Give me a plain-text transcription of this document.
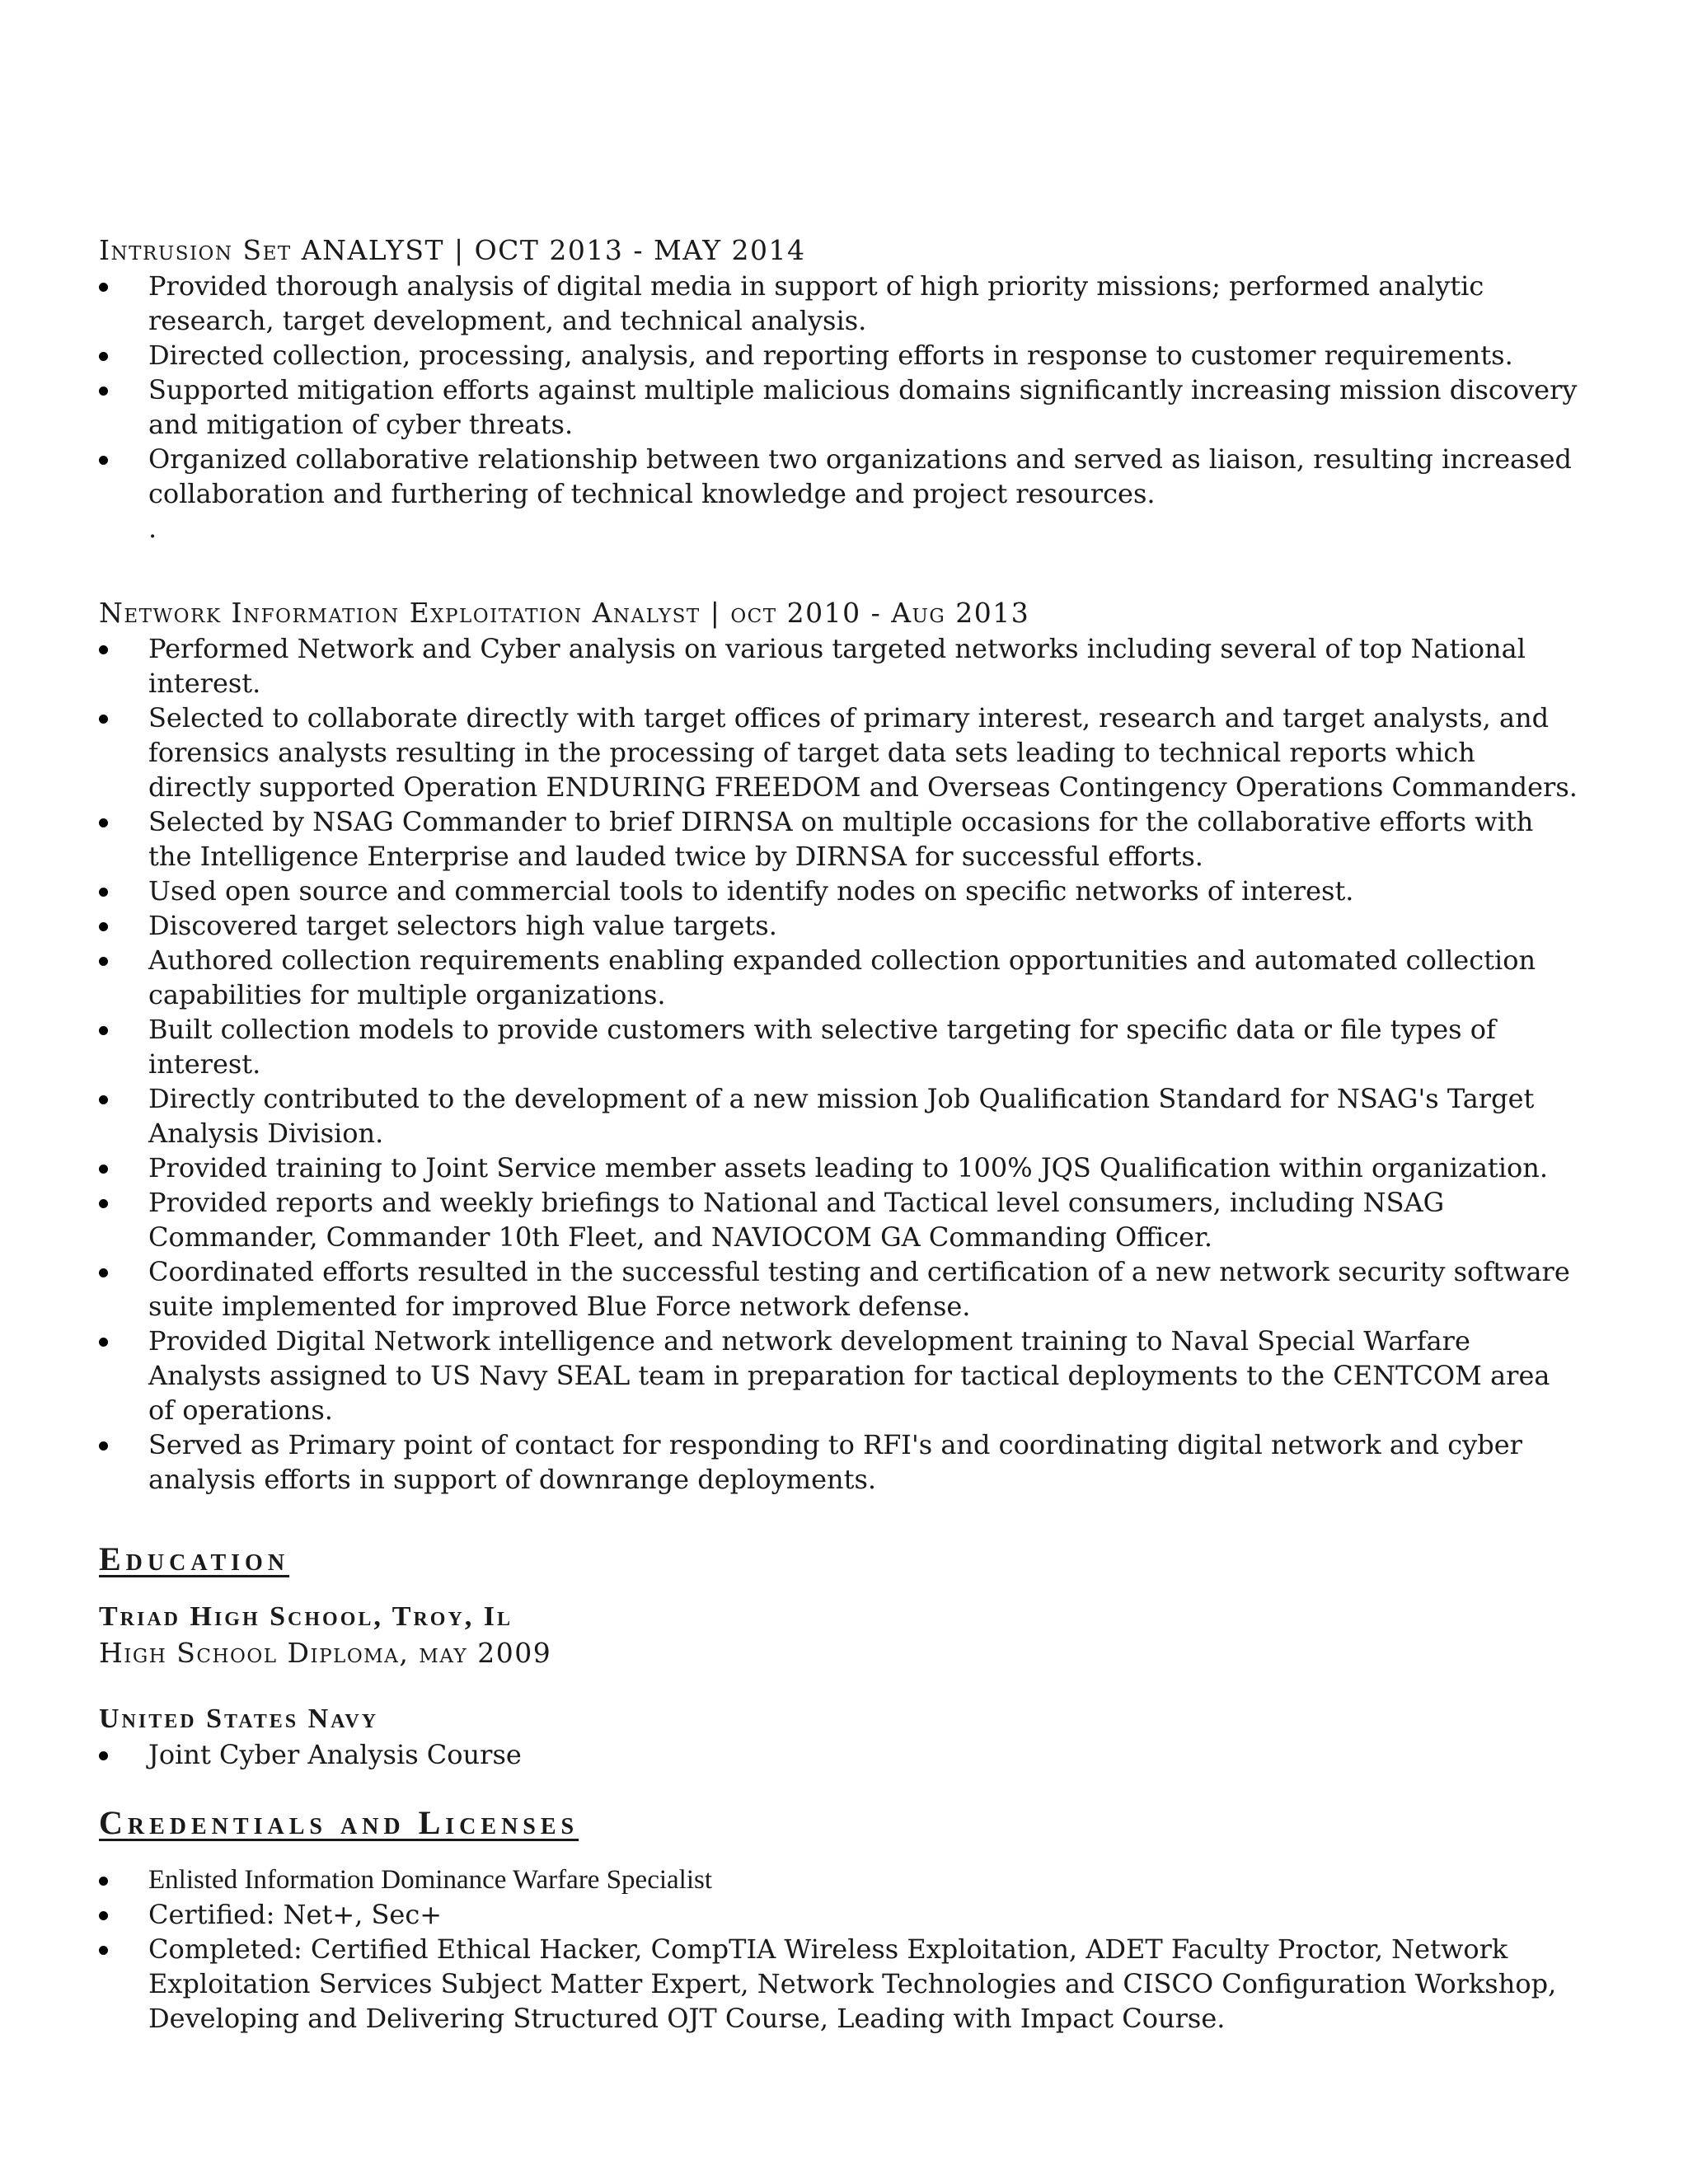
Intrusion Set ANALYST | OCT 2013 - MAY 2014

Provided thorough analysis of digital media in support of high priority missions; performed analytic research, target development, and technical analysis.
Directed collection, processing, analysis, and reporting efforts in response to customer requirements.
Supported mitigation efforts against multiple malicious domains significantly increasing mission discovery and mitigation of cyber threats.
Organized collaborative relationship between two organizations and served as liaison, resulting increased collaboration and furthering of technical knowledge and project resources.
.

Network Information Exploitation Analyst | oct 2010 - Aug 2013

Performed Network and Cyber analysis on various targeted networks including several of top National interest.
Selected to collaborate directly with target offices of primary interest, research and target analysts, and forensics analysts resulting in the processing of target data sets leading to technical reports which directly supported Operation ENDURING FREEDOM and Overseas Contingency Operations Commanders.
Selected by NSAG Commander to brief DIRNSA on multiple occasions for the collaborative efforts with the Intelligence Enterprise and lauded twice by DIRNSA for successful efforts.
Used open source and commercial tools to identify nodes on specific networks of interest.
Discovered target selectors high value targets.
Authored collection requirements enabling expanded collection opportunities and automated collection capabilities for multiple organizations.
Built collection models to provide customers with selective targeting for specific data or file types of interest.
Directly contributed to the development of a new mission Job Qualification Standard for NSAG's Target Analysis Division.
Provided training to Joint Service member assets leading to 100% JQS Qualification within organization.
Provided reports and weekly briefings to National and Tactical level consumers, including NSAG Commander, Commander 10th Fleet, and NAVIOCOM GA Commanding Officer.
Coordinated efforts resulted in the successful testing and certification of a new network security software suite implemented for improved Blue Force network defense.
Provided Digital Network intelligence and network development training to Naval Special Warfare Analysts assigned to US Navy SEAL team in preparation for tactical deployments to the CENTCOM area of operations.
Served as Primary point of contact for responding to RFI's and coordinating digital network and cyber analysis efforts in support of downrange deployments.
Education

Triad High School, Troy, Il

High School Diploma, may 2009

United States Navy

Joint Cyber Analysis Course
Credentials and Licenses
Enlisted Information Dominance Warfare Specialist
Certified: Net+, Sec+
Completed: Certified Ethical Hacker, CompTIA Wireless Exploitation, ADET Faculty Proctor, Network Exploitation Services Subject Matter Expert, Network Technologies and CISCO Configuration Workshop, Developing and Delivering Structured OJT Course, Leading with Impact Course.
